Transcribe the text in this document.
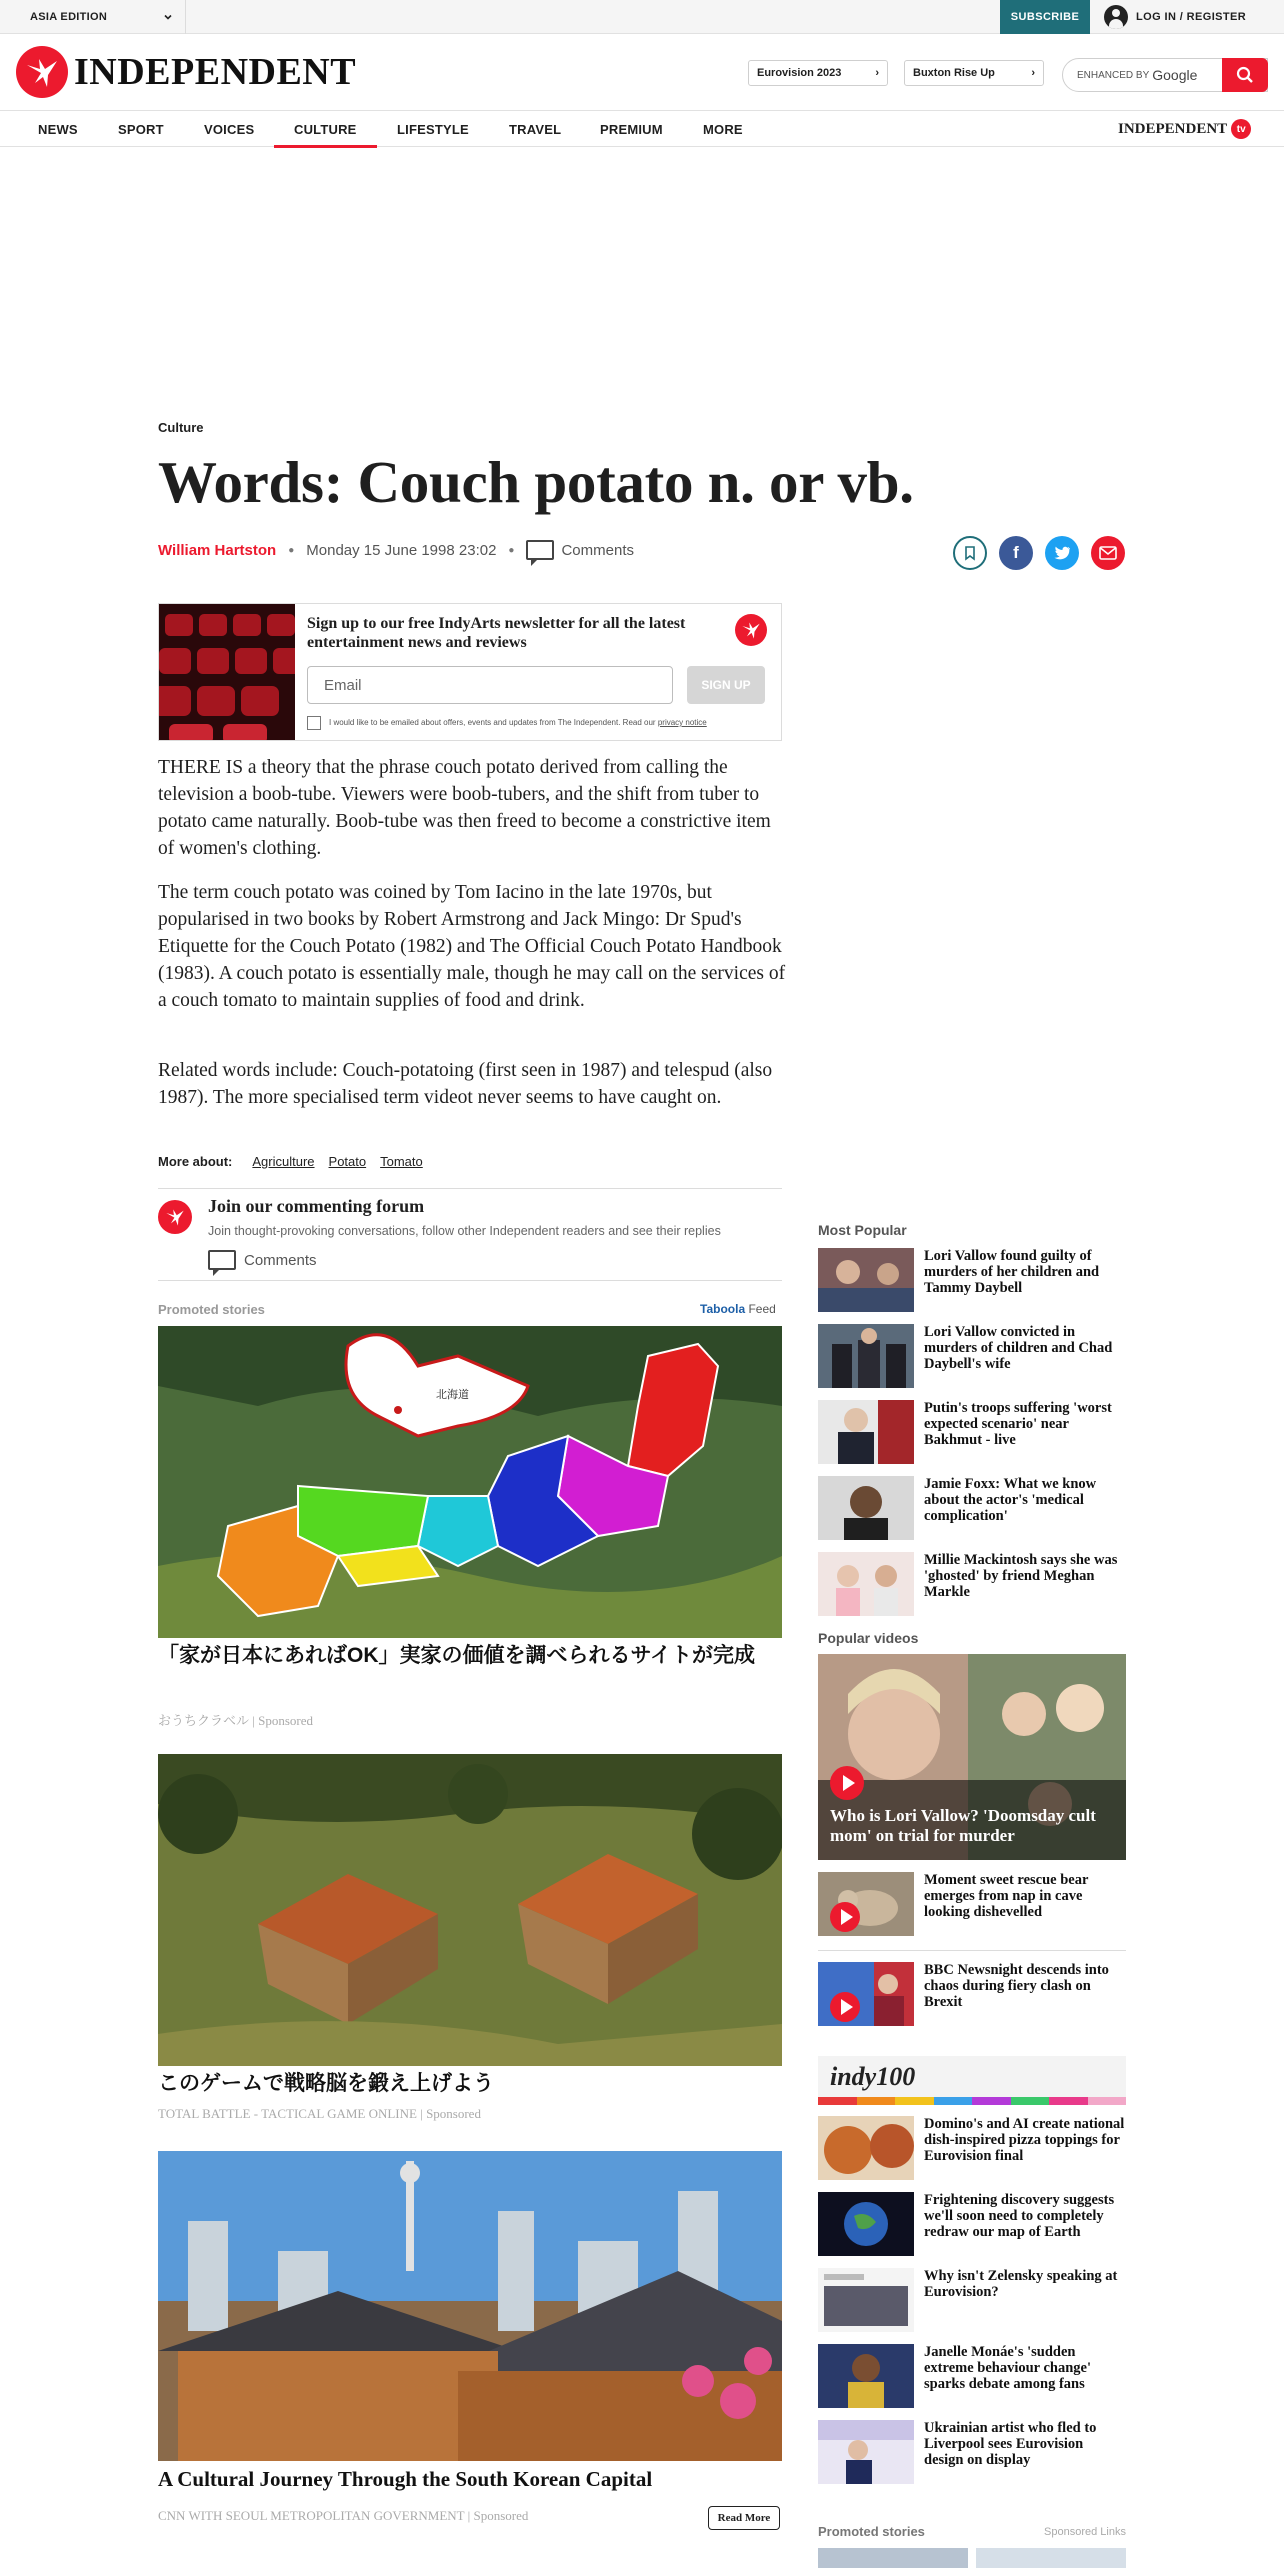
ASIA EDITION	SUBSCRIBE	LOG IN / REGISTER
INDEPENDENT	Eurovision 2023	›	Buxton Rise Up	›	ENHANCED BY Google
NEWS	SPORT	VOICES	CULTURE	LIFESTYLE	TRAVEL	PREMIUM	MORE	INDEPENDENT tv
Culture
Words: Couch potato n. or vb.
William Hartston ● Monday 15 June 1998 23:02 ●	Comments	f
Sign up to our free IndyArts newsletter for all the latest entertainment news and reviews
Email	SIGN UP
I would like to be emailed about offers, events and updates from The Independent. Read our privacy notice

THERE IS a theory that the phrase couch potato derived from calling the television a boob-tube. Viewers were boob-tubers, and the shift from tuber to potato came naturally. Boob-tube was then freed to become a constrictive item of women's clothing.

The term couch potato was coined by Tom Iacino in the late 1970s, but popularised in two books by Robert Armstrong and Jack Mingo: Dr Spud's Etiquette for the Couch Potato (1982) and The Official Couch Potato Handbook (1983). A couch potato is essentially male, though he may call on the services of a couch tomato to maintain supplies of food and drink.

Related words include: Couch-potatoing (first seen in 1987) and telespud (also 1987). The more specialised term videot never seems to have caught on.

More about: Agriculture Potato Tomato
Join our commenting forum
Join thought-provoking conversations, follow other Independent readers and see their replies
Comments
Promoted stories	Taboola Feed
北海道
「家が日本にあればOK」実家の価値を調べられるサイトが完成
おうちクラベル | Sponsored
このゲームで戦略脳を鍛え上げよう
TOTAL BATTLE - TACTICAL GAME ONLINE | Sponsored
A Cultural Journey Through the South Korean Capital
CNN WITH SEOUL METROPOLITAN GOVERNMENT | Sponsored	Read More
Most Popular
Lori Vallow found guilty of murders of her children and Tammy Daybell
Lori Vallow convicted in murders of children and Chad Daybell's wife
Putin's troops suffering 'worst expected scenario' near Bakhmut - live
Jamie Foxx: What we know about the actor's 'medical complication'
Millie Mackintosh says she was 'ghosted' by friend Meghan Markle
Popular videos
Who is Lori Vallow? 'Doomsday cult mom' on trial for murder
Moment sweet rescue bear emerges from nap in cave looking dishevelled
BBC Newsnight descends into chaos during fiery clash on Brexit
indy100
Domino's and AI create national dish-inspired pizza toppings for Eurovision final
Frightening discovery suggests we'll soon need to completely redraw our map of Earth
Why isn't Zelensky speaking at Eurovision?
Janelle Monáe's 'sudden extreme behaviour change' sparks debate among fans
Ukrainian artist who fled to Liverpool sees Eurovision design on display
Promoted stories	Sponsored Links
